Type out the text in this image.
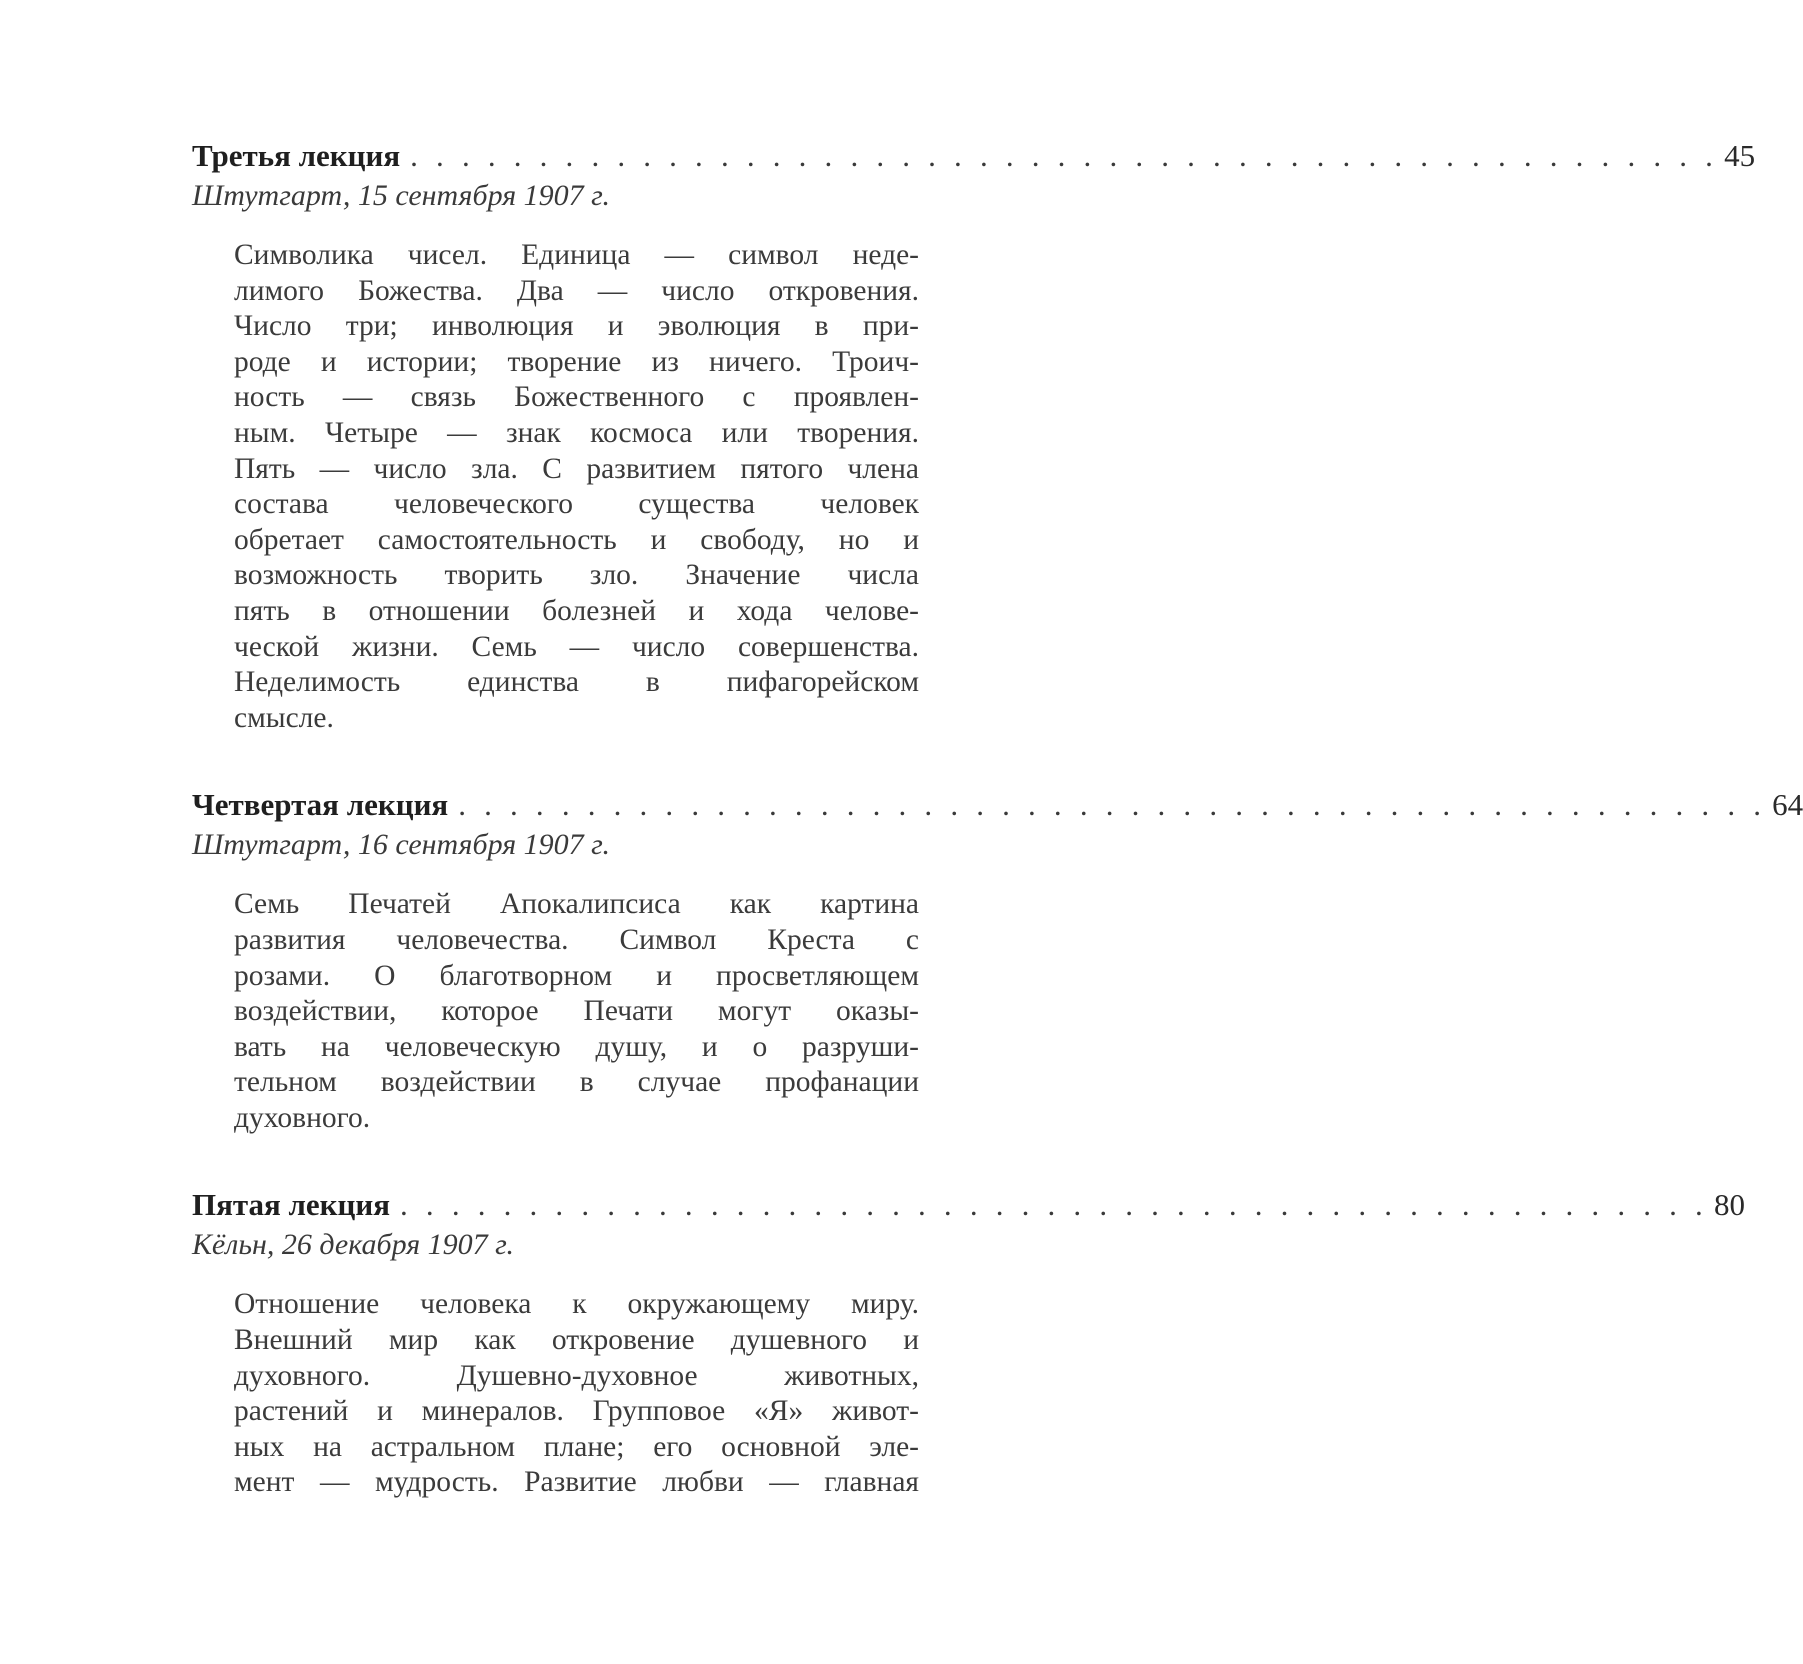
Третья лекция . . . . . . . . . . . . . . . . . . . . . . . . . . . . . . . . . . . . . . . . . . . . . . . . . . . 45
Штутгарт, 15 сентября 1907 г.
Символика чисел. Единица — символ неде-
лимого Божества. Два — число откровения.
Число три; инволюция и эволюция в при-
роде и истории; творение из ничего. Троич-
ность — связь Божественного с проявлен-
ным. Четыре — знак космоса или творения.
Пять — число зла. С развитием пятого члена
состава человеческого существа человек
обретает самостоятельность и свободу, но и
возможность творить зло. Значение числа
пять в отношении болезней и хода челове-
ческой жизни. Семь — число совершенства.
Неделимость единства в пифагорейском
смысле.
Четвертая лекция . . . . . . . . . . . . . . . . . . . . . . . . . . . . . . . . . . . . . . . . . . . . . . . . . . . 64
Штутгарт, 16 сентября 1907 г.
Семь Печатей Апокалипсиса как картина
развития человечества. Символ Креста с
розами. О благотворном и просветляющем
воздействии, которое Печати могут оказы-
вать на человеческую душу, и о разруши-
тельном воздействии в случае профанации
духовного.
Пятая лекция . . . . . . . . . . . . . . . . . . . . . . . . . . . . . . . . . . . . . . . . . . . . . . . . . . . 80
Кёльн, 26 декабря 1907 г.
Отношение человека к окружающему миру.
Внешний мир как откровение душевного и
духовного. Душевно-духовное животных,
растений и минералов. Групповое «Я» живот-
ных на астральном плане; его основной эле-
мент — мудрость. Развитие любви — главная
